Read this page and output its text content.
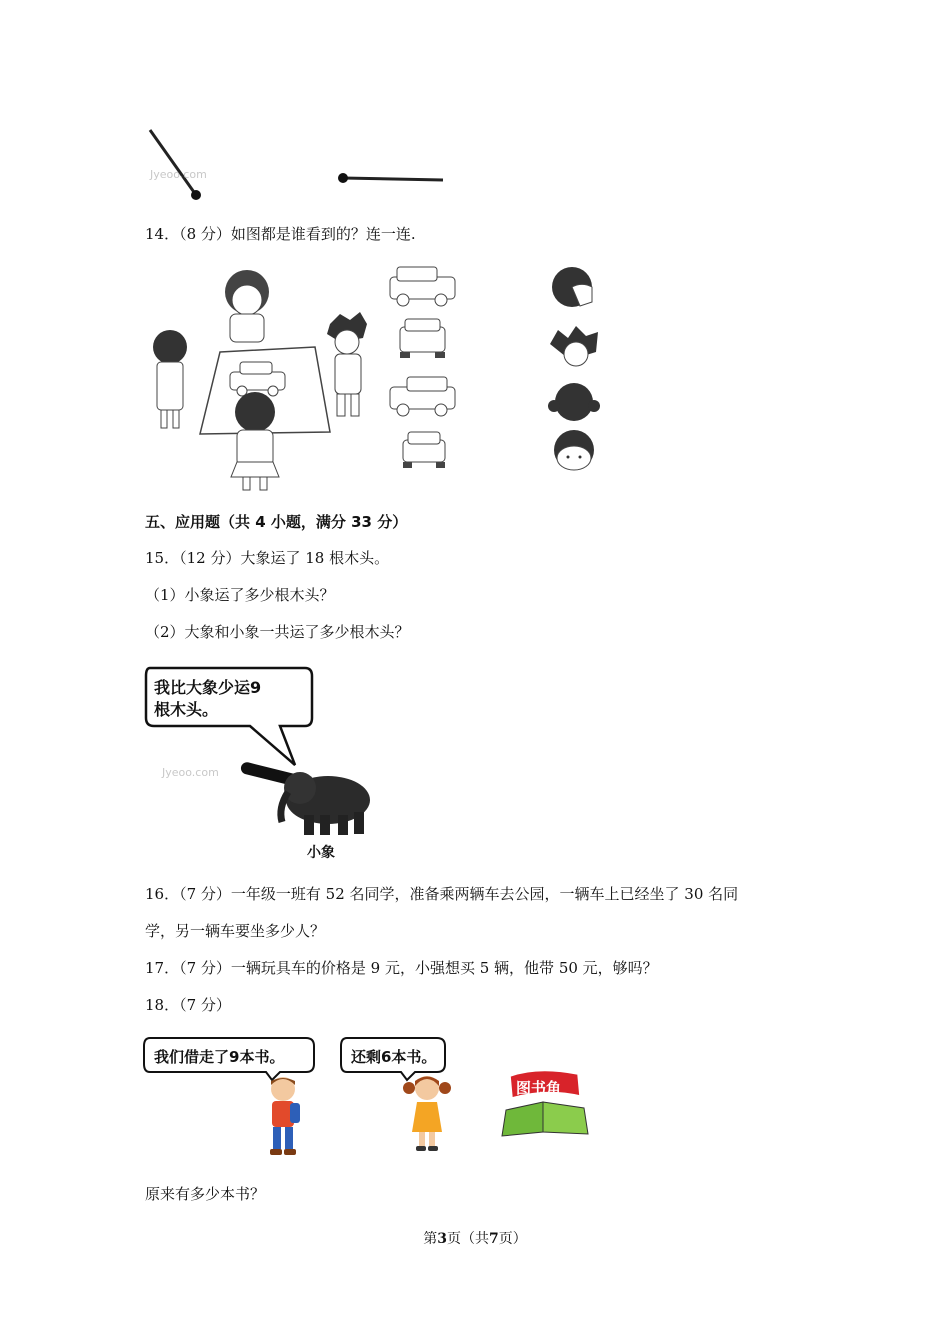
Jyeoo.com
14．（8 分）如图都是谁看到的？连一连.
五、应用题（共 4 小题，满分 33 分）
15．（12 分）大象运了 18 根木头。
（1）小象运了多少根木头？
（2）大象和小象一共运了多少根木头？
我比大象少运9
根木头。
Jyeoo.com
小象
16．（7 分）一年级一班有 52 名同学，准备乘两辆车去公园，一辆车上已经坐了 30 名同
学，另一辆车要坐多少人？
17．（7 分）一辆玩具车的价格是 9 元，小强想买 5 辆，他带 50 元，够吗？
18．（7 分）
我们借走了9本书。	还剩6本书。
图书角
原来有多少本书？
第3页（共7页）
